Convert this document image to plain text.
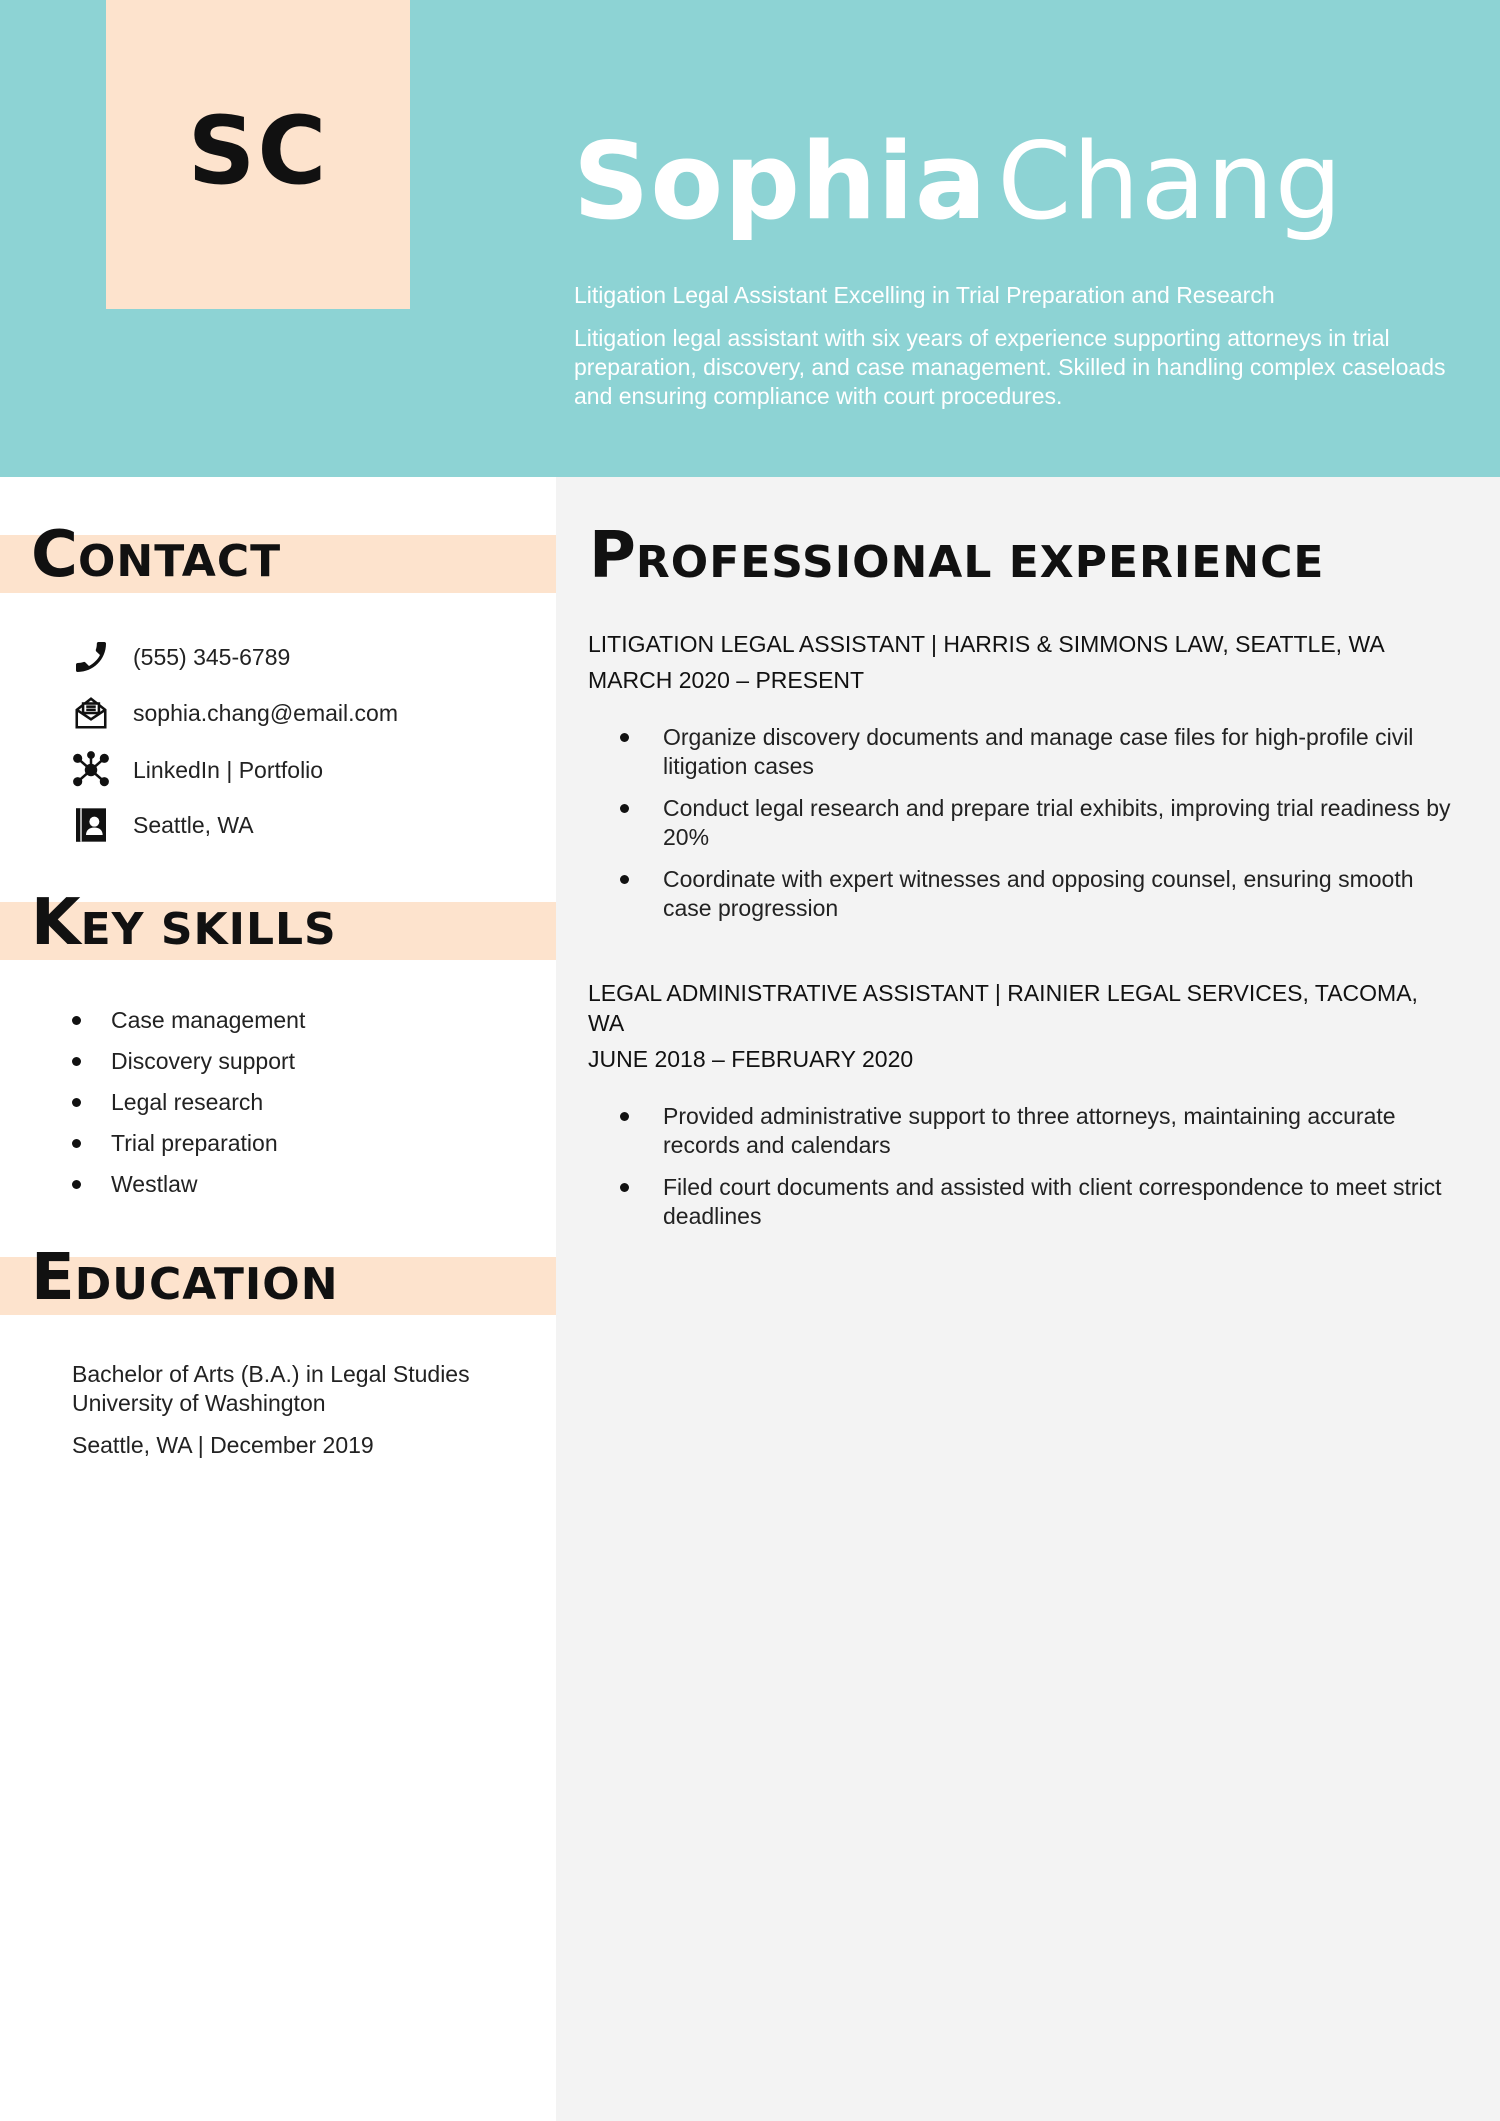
SC SophiaChang
Litigation Legal Assistant Excelling in Trial Preparation and Research
Litigation legal assistant with six years of experience supporting attorneys in trial preparation, discovery, and case management. Skilled in handling complex caseloads and ensuring compliance with court procedures.
CONTACT
(555) 345-6789
sophia.chang@email.com
LinkedIn | Portfolio
Seattle, WA
KEY SKILLS
Case management
Discovery support
Legal research
Trial preparation
Westlaw
EDUCATION
Bachelor of Arts (B.A.) in Legal Studies
University of Washington
Seattle, WA | December 2019
PROFESSIONAL EXPERIENCE
LITIGATION LEGAL ASSISTANT | HARRIS & SIMMONS LAW, SEATTLE, WA
MARCH 2020 – PRESENT
Organize discovery documents and manage case files for high-profile civil litigation cases
Conduct legal research and prepare trial exhibits, improving trial readiness by 20%
Coordinate with expert witnesses and opposing counsel, ensuring smooth case progression
LEGAL ADMINISTRATIVE ASSISTANT | RAINIER LEGAL SERVICES, TACOMA, WA
JUNE 2018 – FEBRUARY 2020
Provided administrative support to three attorneys, maintaining accurate records and calendars
Filed court documents and assisted with client correspondence to meet strict deadlines
